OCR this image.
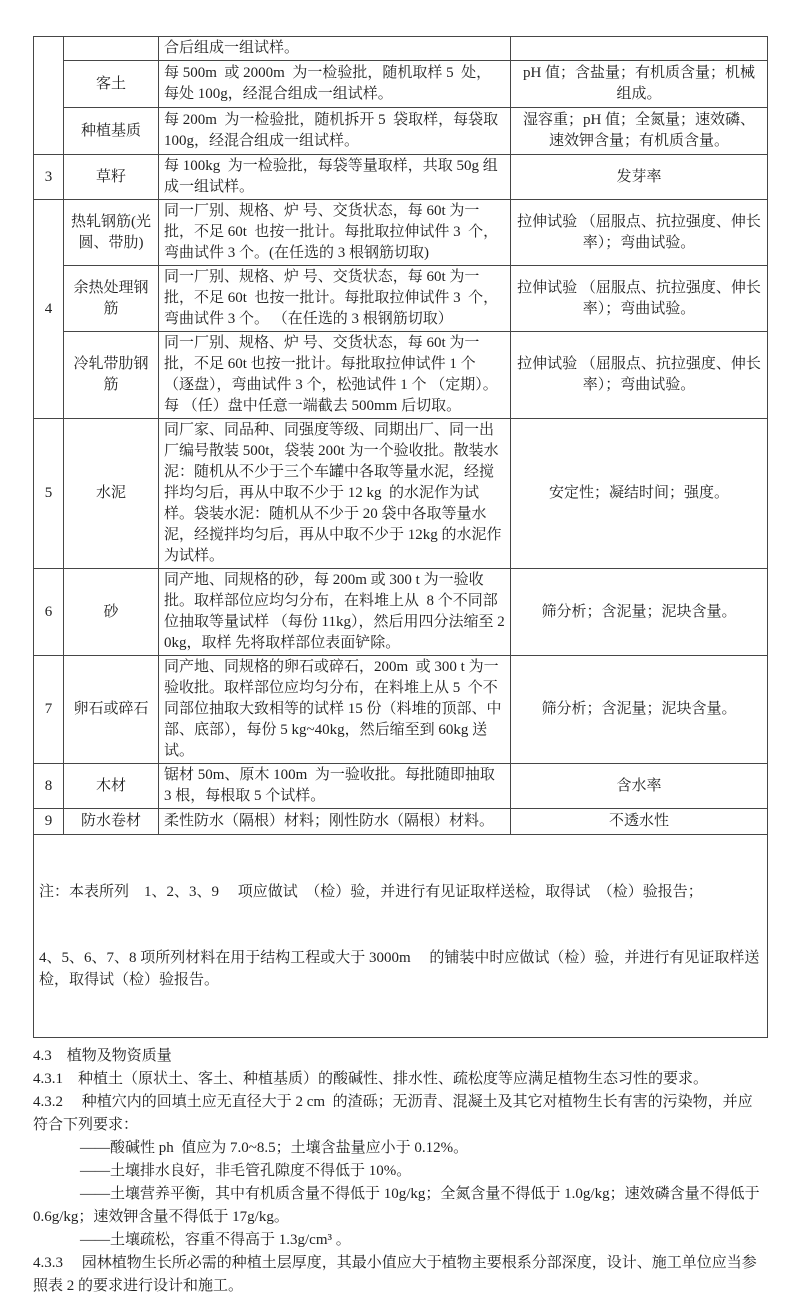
		合后组成一组试样。	
	客土	每 500m  或 2000m  为一检验批，随机取样 5  处，每处 100g，经混合组成一组试样。	pH 值；含盐量；有机质含量；机械组成。
	种植基质	每 200m  为一检验批，随机拆开 5  袋取样，每袋取 100g，经混合组成一组试样。	湿容重；pH 值；全氮量；速效磷、速效钾含量；有机质含量。
3	草籽	每 100kg  为一检验批，每袋等量取样，共取 50g 组成一组试样。	发芽率
4	热轧钢筋(光圆、带肋)	同一厂别、规格、炉 号、交货状态，每 60t 为一批，不足 60t  也按一批计。每批取拉伸试件 3  个，弯曲试件 3 个。(在任选的 3 根钢筋切取)	拉伸试验 （屈服点、抗拉强度、伸长率）；弯曲试验。
	余热处理钢筋	同一厂别、规格、炉 号、交货状态，每 60t 为一批，不足 60t  也按一批计。每批取拉伸试件 3  个，弯曲试件 3 个。 （在任选的 3 根钢筋切取）	拉伸试验 （屈服点、抗拉强度、伸长率）；弯曲试验。
	冷轧带肋钢筋	同一厂别、规格、炉 号、交货状态，每 60t 为一批，不足 60t 也按一批计。每批取拉伸试件 1 个 （逐盘），弯曲试件 3 个，松弛试件 1 个 （定期）。每 （任）盘中任意一端截去 500mm 后切取。	拉伸试验 （屈服点、抗拉强度、伸长率）；弯曲试验。
5	水泥	同厂家、同品种、同强度等级、同期出厂、同一出厂编号散装 500t，袋装 200t 为一个验收批。散装水泥：随机从不少于三个车罐中各取等量水泥，经搅拌均匀后，再从中取不少于 12 kg  的水泥作为试样。袋装水泥：随机从不少于 20 袋中各取等量水泥，经搅拌均匀后，再从中取不少于 12kg 的水泥作为试样。	安定性；凝结时间；强度。
6	砂	同产地、同规格的砂，每 200m 或 300 t 为一验收批。取样部位应均匀分布，在料堆上从  8 个不同部位抽取等量试样 （每份 11kg），然后用四分法缩至 20kg，取样 先将取样部位表面铲除。	筛分析；含泥量；泥块含量。
7	卵石或碎石	同产地、同规格的卵石或碎石，200m  或 300 t 为一验收批。取样部位应均匀分布，在料堆上从 5  个不同部位抽取大致相等的试样 15 份（料堆的顶部、中部、底部），每份 5 kg~40kg，然后缩至到 60kg 送试。	筛分析；含泥量；泥块含量。
8	木材	锯材 50m、原木 100m  为一验收批。每批随即抽取 3 根，每根取 5 个试样。	含水率
9	防水卷材	柔性防水（隔根）材料；刚性防水（隔根）材料。	不透水性

注：本表所列　1、2、3、9　 项应做试　（检）验，并进行有见证取样送检，取得试　（检）验报告；

4、5、6、7、8 项所列材料在用于结构工程或大于 3000m　 的铺装中时应做试（检）验，并进行有见证取样送检，取得试（检）验报告。			

4.3　植物及物资质量

4.3.1　种植土（原状土、客土、种植基质）的酸碱性、排水性、疏松度等应满足植物生态习性的要求。

4.3.2　 种植穴内的回填土应无直径大于 2 cm  的渣砾；无沥青、混凝土及其它对植物生长有害的污染物，并应符合下列要求：

——酸碱性 ph  值应为 7.0~8.5；土壤含盐量应小于 0.12%。

——土壤排水良好，非毛管孔隙度不得低于 10%。

——土壤营养平衡，其中有机质含量不得低于 10g/kg；全氮含量不得低于 1.0g/kg；速效磷含量不得低于 0.6g/kg；速效钾含量不得低于 17g/kg。

——土壤疏松，容重不得高于 1.3g/cm³ 。

4.3.3　 园林植物生长所必需的种植土层厚度，其最小值应大于植物主要根系分部深度，设计、施工单位应当参照表 2 的要求进行设计和施工。
